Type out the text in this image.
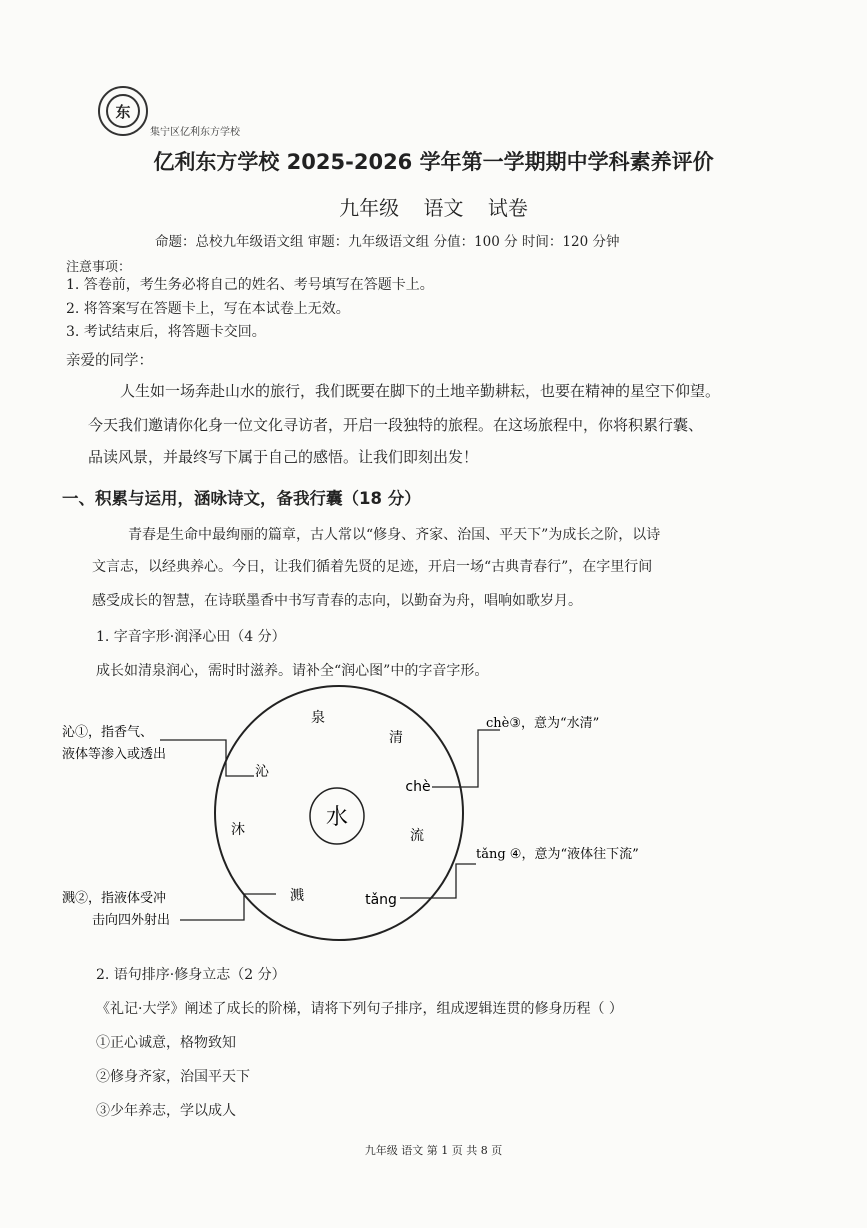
东
集宁区亿利东方学校
亿利东方学校 2025-2026 学年第一学期期中学科素养评价
九年级 语文 试卷
命题：总校九年级语文组 审题：九年级语文组 分值：100 分 时间：120 分钟
注意事项：
1. 答卷前，考生务必将自己的姓名、考号填写在答题卡上。
2. 将答案写在答题卡上，写在本试卷上无效。
3. 考试结束后，将答题卡交回。
亲爱的同学：
人生如一场奔赴山水的旅行，我们既要在脚下的土地辛勤耕耘，也要在精神的星空下仰望。
今天我们邀请你化身一位文化寻访者，开启一段独特的旅程。在这场旅程中，你将积累行囊、
品读风景，并最终写下属于自己的感悟。让我们即刻出发！
一、积累与运用，涵咏诗文，备我行囊（18 分）
青春是生命中最绚丽的篇章，古人常以“修身、齐家、治国、平天下”为成长之阶，以诗
文言志，以经典养心。今日，让我们循着先贤的足迹，开启一场“古典青春行”，在字里行间
感受成长的智慧，在诗联墨香中书写青春的志向，以勤奋为舟，唱响如歌岁月。
1. 字音字形·润泽心田（4 分）
成长如清泉润心，需时时滋养。请补全“润心图”中的字音字形。
水
泉
清
chè
流
tǎng
溅
沐
沁
沁①，指香气、
液体等渗入或透出
溅②，指液体受冲
击向四外射出
chè③，意为“水清”
tǎng ④，意为“液体往下流”
2. 语句排序·修身立志（2 分）
《礼记·大学》阐述了成长的阶梯，请将下列句子排序，组成逻辑连贯的修身历程（ ）
①正心诚意，格物致知
②修身齐家，治国平天下
③少年养志，学以成人
九年级 语文 第 1 页 共 8 页
